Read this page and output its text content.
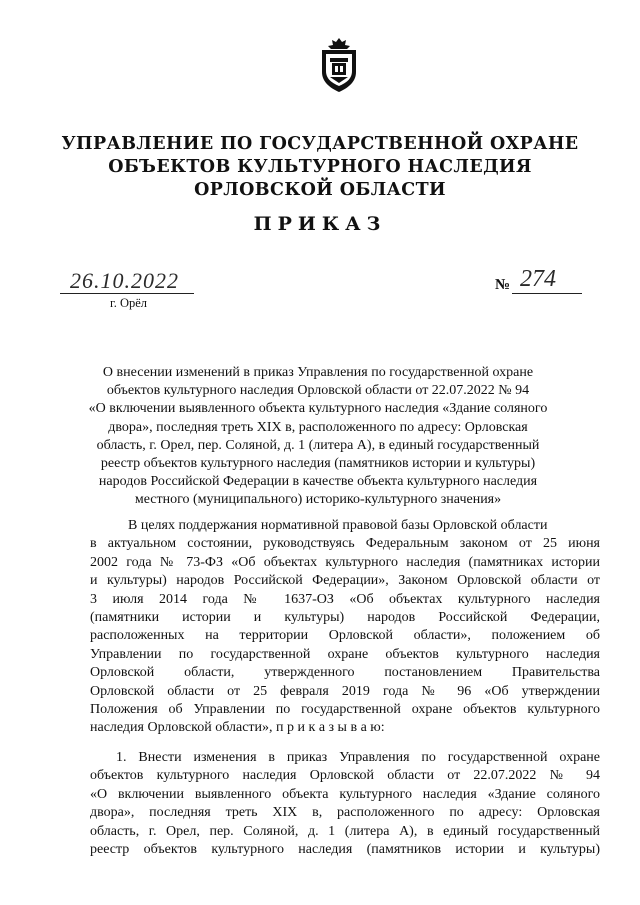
УПРАВЛЕНИЕ ПО ГОСУДАРСТВЕННОЙ ОХРАНЕ
ОБЪЕКТОВ КУЛЬТУРНОГО НАСЛЕДИЯ
ОРЛОВСКОЙ ОБЛАСТИ
ПРИКАЗ
26.10.2022
г. Орёл
№ 274
О внесении изменений в приказ Управления по государственной охране
объектов культурного наследия Орловской области от 22.07.2022 № 94
«О включении выявленного объекта культурного наследия «Здание соляного
двора», последняя треть XIX в, расположенного по адресу: Орловская
область, г. Орел, пер. Соляной, д. 1 (литера А), в единый государственный
реестр объектов культурного наследия (памятников истории и культуры)
народов Российской Федерации в качестве объекта культурного наследия
местного (муниципального) историко-культурного значения»
В целях поддержания нормативной правовой базы Орловской области
в актуальном состоянии, руководствуясь Федеральным законом от 25 июня
2002 года № 73-ФЗ «Об объектах культурного наследия (памятниках истории
и культуры) народов Российской Федерации», Законом Орловской области от
3 июля 2014 года № 1637-ОЗ «Об объектах культурного наследия
(памятники истории и культуры) народов Российской Федерации,
расположенных на территории Орловской области», положением об
Управлении по государственной охране объектов культурного наследия
Орловской области, утвержденного постановлением Правительства
Орловской области от 25 февраля 2019 года № 96 «Об утверждении
Положения об Управлении по государственной охране объектов культурного
наследия Орловской области», п р и к а з ы в а ю:
1. Внести изменения в приказ Управления по государственной охране
объектов культурного наследия Орловской области от 22.07.2022 № 94
«О включении выявленного объекта культурного наследия «Здание соляного
двора», последняя треть XIX в, расположенного по адресу: Орловская
область, г. Орел, пер. Соляной, д. 1 (литера А), в единый государственный
реестр объектов культурного наследия (памятников истории и культуры)
